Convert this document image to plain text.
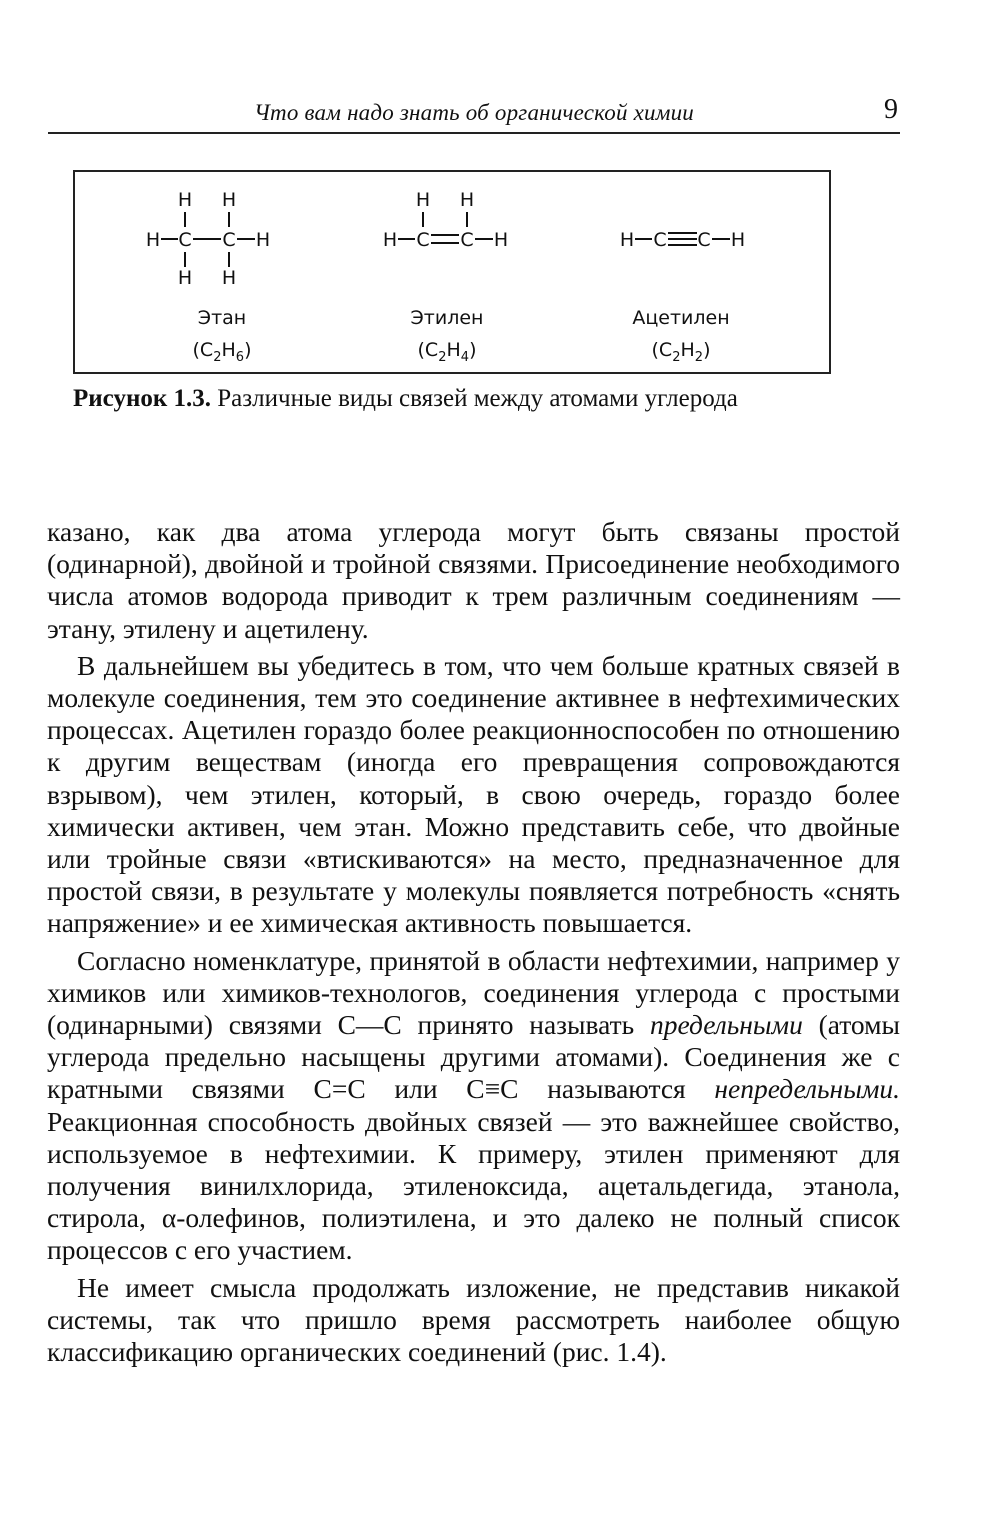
Что вам надо знать об органической химии	9
H H
H C C H
H H
H H
H C C H	H C C H
Этан	Этилен	Ацетилен
$(C_2H_6)$	$(C_2H_4)$	$(C_2H_2)$
Рисунок 1.3. Различные виды связей между атомами углерода

казано, как два атома углерода могут быть связаны простой (одинарной), двойной и тройной связями. Присоединение необходимого числа атомов водорода приводит к трем различным соединениям — этану, этилену и ацетилену.

В дальнейшем вы убедитесь в том, что чем больше кратных связей в молекуле соединения, тем это соединение активнее в нефтехимических процессах. Ацетилен гораздо более реакционноспособен по отношению к другим веществам (иногда его превращения сопровождаются взрывом), чем этилен, который, в свою очередь, гораздо более химически активен, чем этан. Можно представить себе, что двойные или тройные связи «втискиваются» на место, предназначенное для простой связи, в результате у молекулы появляется потребность «снять напряжение» и ее химическая активность повышается.

Согласно номенклатуре, принятой в области нефтехимии, например у химиков или химиков-технологов, соединения углерода с простыми (одинарными) связями C—C принято называть предельными (атомы углерода предельно насыщены другими атомами). Соединения же с кратными связями C=C или C≡C называются непредельными. Реакционная способность двойных связей — это важнейшее свойство, используемое в нефтехимии. К примеру, этилен применяют для получения винилхлорида, этиленоксида, ацетальдегида, этанола, стирола, α-олефинов, полиэтилена, и это далеко не полный список процессов с его участием.

Не имеет смысла продолжать изложение, не представив никакой системы, так что пришло время рассмотреть наиболее общую классификацию органических соединений (рис. 1.4).
